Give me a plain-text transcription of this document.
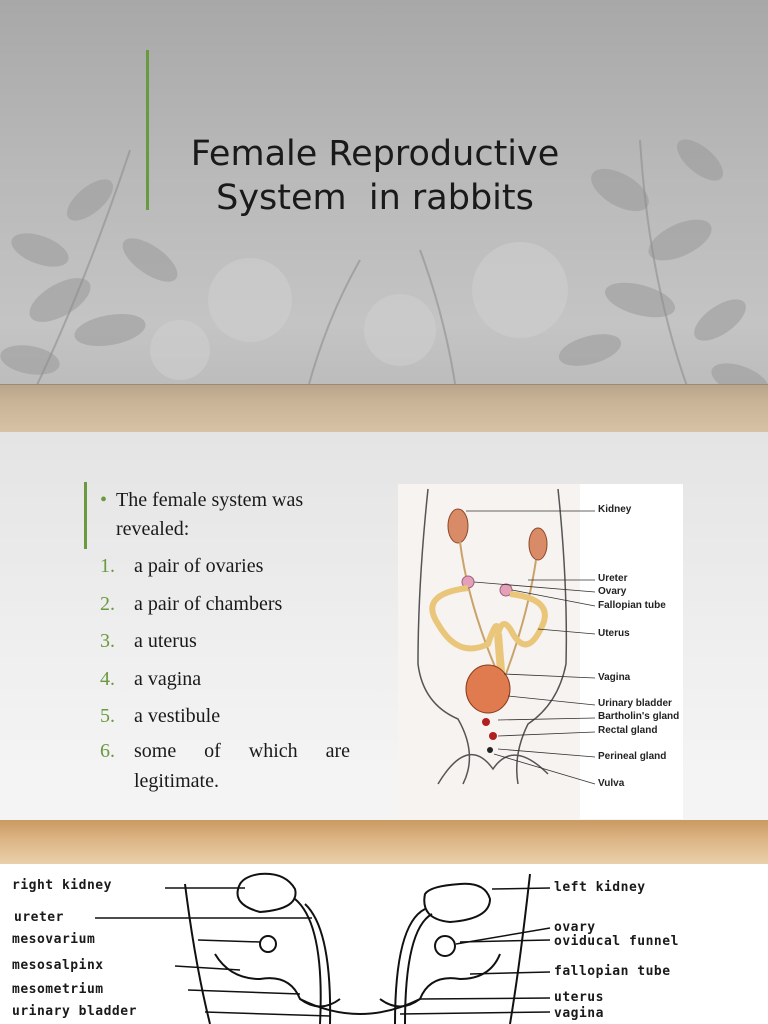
Female Reproductive
System  in rabbits
• The female system was revealed:
1. a pair of ovaries
2. a pair of chambers
3. a uterus
4. a vagina
5. a vestibule
6. some of which are legitimate.
Kidney
Ureter
Ovary
Fallopian tube
Uterus
Vagina
Urinary bladder
Bartholin's gland
Rectal gland
Perineal gland
Vulva
right kidney
ureter
mesovarium
mesosalpinx
mesometrium
urinary bladder
left kidney
ovary
oviducal funnel
fallopian tube
uterus
vagina
